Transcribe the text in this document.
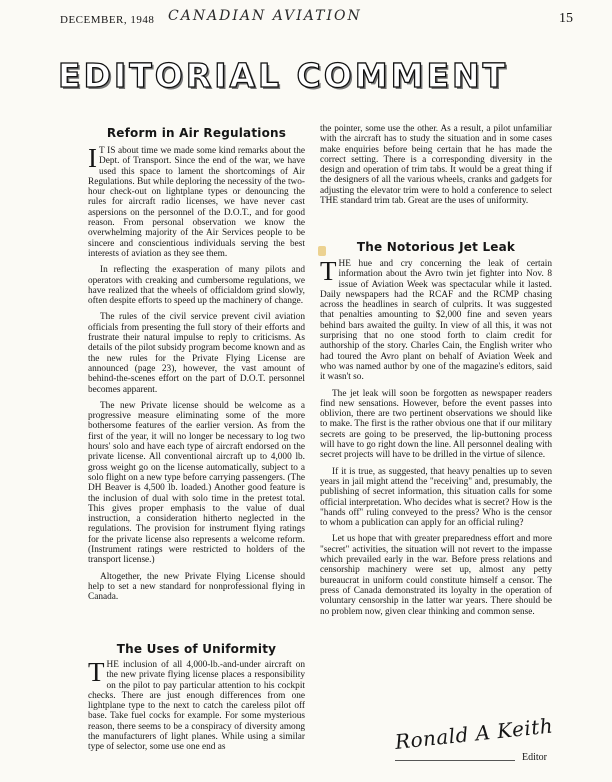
DECEMBER, 1948 CANADIAN AVIATION	15
EDITORIAL COMMENT
Reform in Air Regulations

I T IS about time we made some kind remarks about the Dept. of Transport. Since the end of the war, we have used this space to lament the shortcomings of Air Regulations. But while deploring the necessity of the two-hour check-out on lightplane types or denouncing the rules for aircraft radio licenses, we have never cast aspersions on the personnel of the D.O.T., and for good reason. From personal observation we know the overwhelming majority of the Air Services people to be sincere and conscientious individuals serving the best interests of aviation as they see them.

In reflecting the exasperation of many pilots and operators with creaking and cumbersome regulations, we have realized that the wheels of officialdom grind slowly, often despite efforts to speed up the machinery of change.

The rules of the civil service prevent civil aviation officials from presenting the full story of their efforts and frustrate their natural impulse to reply to criticisms. As details of the pilot subsidy program become known and as the new rules for the Private Flying License are announced (page 23), however, the vast amount of behind-the-scenes effort on the part of D.O.T. personnel becomes apparent.

The new Private license should be welcome as a progressive measure eliminating some of the more bothersome features of the earlier version. As from the first of the year, it will no longer be necessary to log two hours' solo and have each type of aircraft endorsed on the private license. All conventional aircraft up to 4,000 lb. gross weight go on the license automatically, subject to a solo flight on a new type before carrying passengers. (The DH Beaver is 4,500 lb. loaded.) Another good feature is the inclusion of dual with solo time in the pretest total. This gives proper emphasis to the value of dual instruction, a consideration hitherto neglected in the regulations. The provision for instrument flying ratings for the private license also represents a welcome reform. (Instrument ratings were restricted to holders of the transport license.)

Altogether, the new Private Flying License should help to set a new standard for nonprofessional flying in Canada.

The Uses of Uniformity

THE inclusion of all 4,000-lb.-and-under aircraft on the new private flying license places a responsibility on the pilot to pay particular attention to his cockpit checks. There are just enough differences from one lightplane type to the next to catch the careless pilot off base. Take fuel cocks for example. For some mysterious reason, there seems to be a conspiracy of diversity among the manufacturers of light planes. While using a similar type of selector, some use one end as

the pointer, some use the other. As a result, a pilot unfamiliar with the aircraft has to study the situation and in some cases make enquiries before being certain that he has made the correct setting. There is a corresponding diversity in the design and operation of trim tabs. It would be a great thing if the designers of all the various wheels, cranks and gadgets for adjusting the elevator trim were to hold a conference to select THE standard trim tab. Great are the uses of uniformity.

The Notorious Jet Leak

THE hue and cry concerning the leak of certain information about the Avro twin jet fighter into Nov. 8 issue of Aviation Week was spectacular while it lasted. Daily newspapers had the RCAF and the RCMP chasing across the headlines in search of culprits. It was suggested that penalties amounting to $2,000 fine and seven years behind bars awaited the guilty. In view of all this, it was not surprising that no one stood forth to claim credit for authorship of the story. Charles Cain, the English writer who had toured the Avro plant on behalf of Aviation Week and who was named author by one of the magazine's editors, said it wasn't so.

The jet leak will soon be forgotten as newspaper readers find new sensations. However, before the event passes into oblivion, there are two pertinent observations we should like to make. The first is the rather obvious one that if our military secrets are going to be preserved, the lip-buttoning process will have to go right down the line. All personnel dealing with secret projects will have to be drilled in the virtue of silence.

If it is true, as suggested, that heavy penalties up to seven years in jail might attend the "receiving" and, presumably, the publishing of secret information, this situation calls for some official interpretation. Who decides what is secret? How is the "hands off" ruling conveyed to the press? Who is the censor to whom a publication can apply for an official ruling?

Let us hope that with greater preparedness effort and more "secret" activities, the situation will not revert to the impasse which prevailed early in the war. Before press relations and censorship machinery were set up, almost any petty bureaucrat in uniform could constitute himself a censor. The press of Canada demonstrated its loyalty in the operation of voluntary censorship in the latter war years. There should be no problem now, given clear thinking and common sense.

Ronald A Keith
Editor
